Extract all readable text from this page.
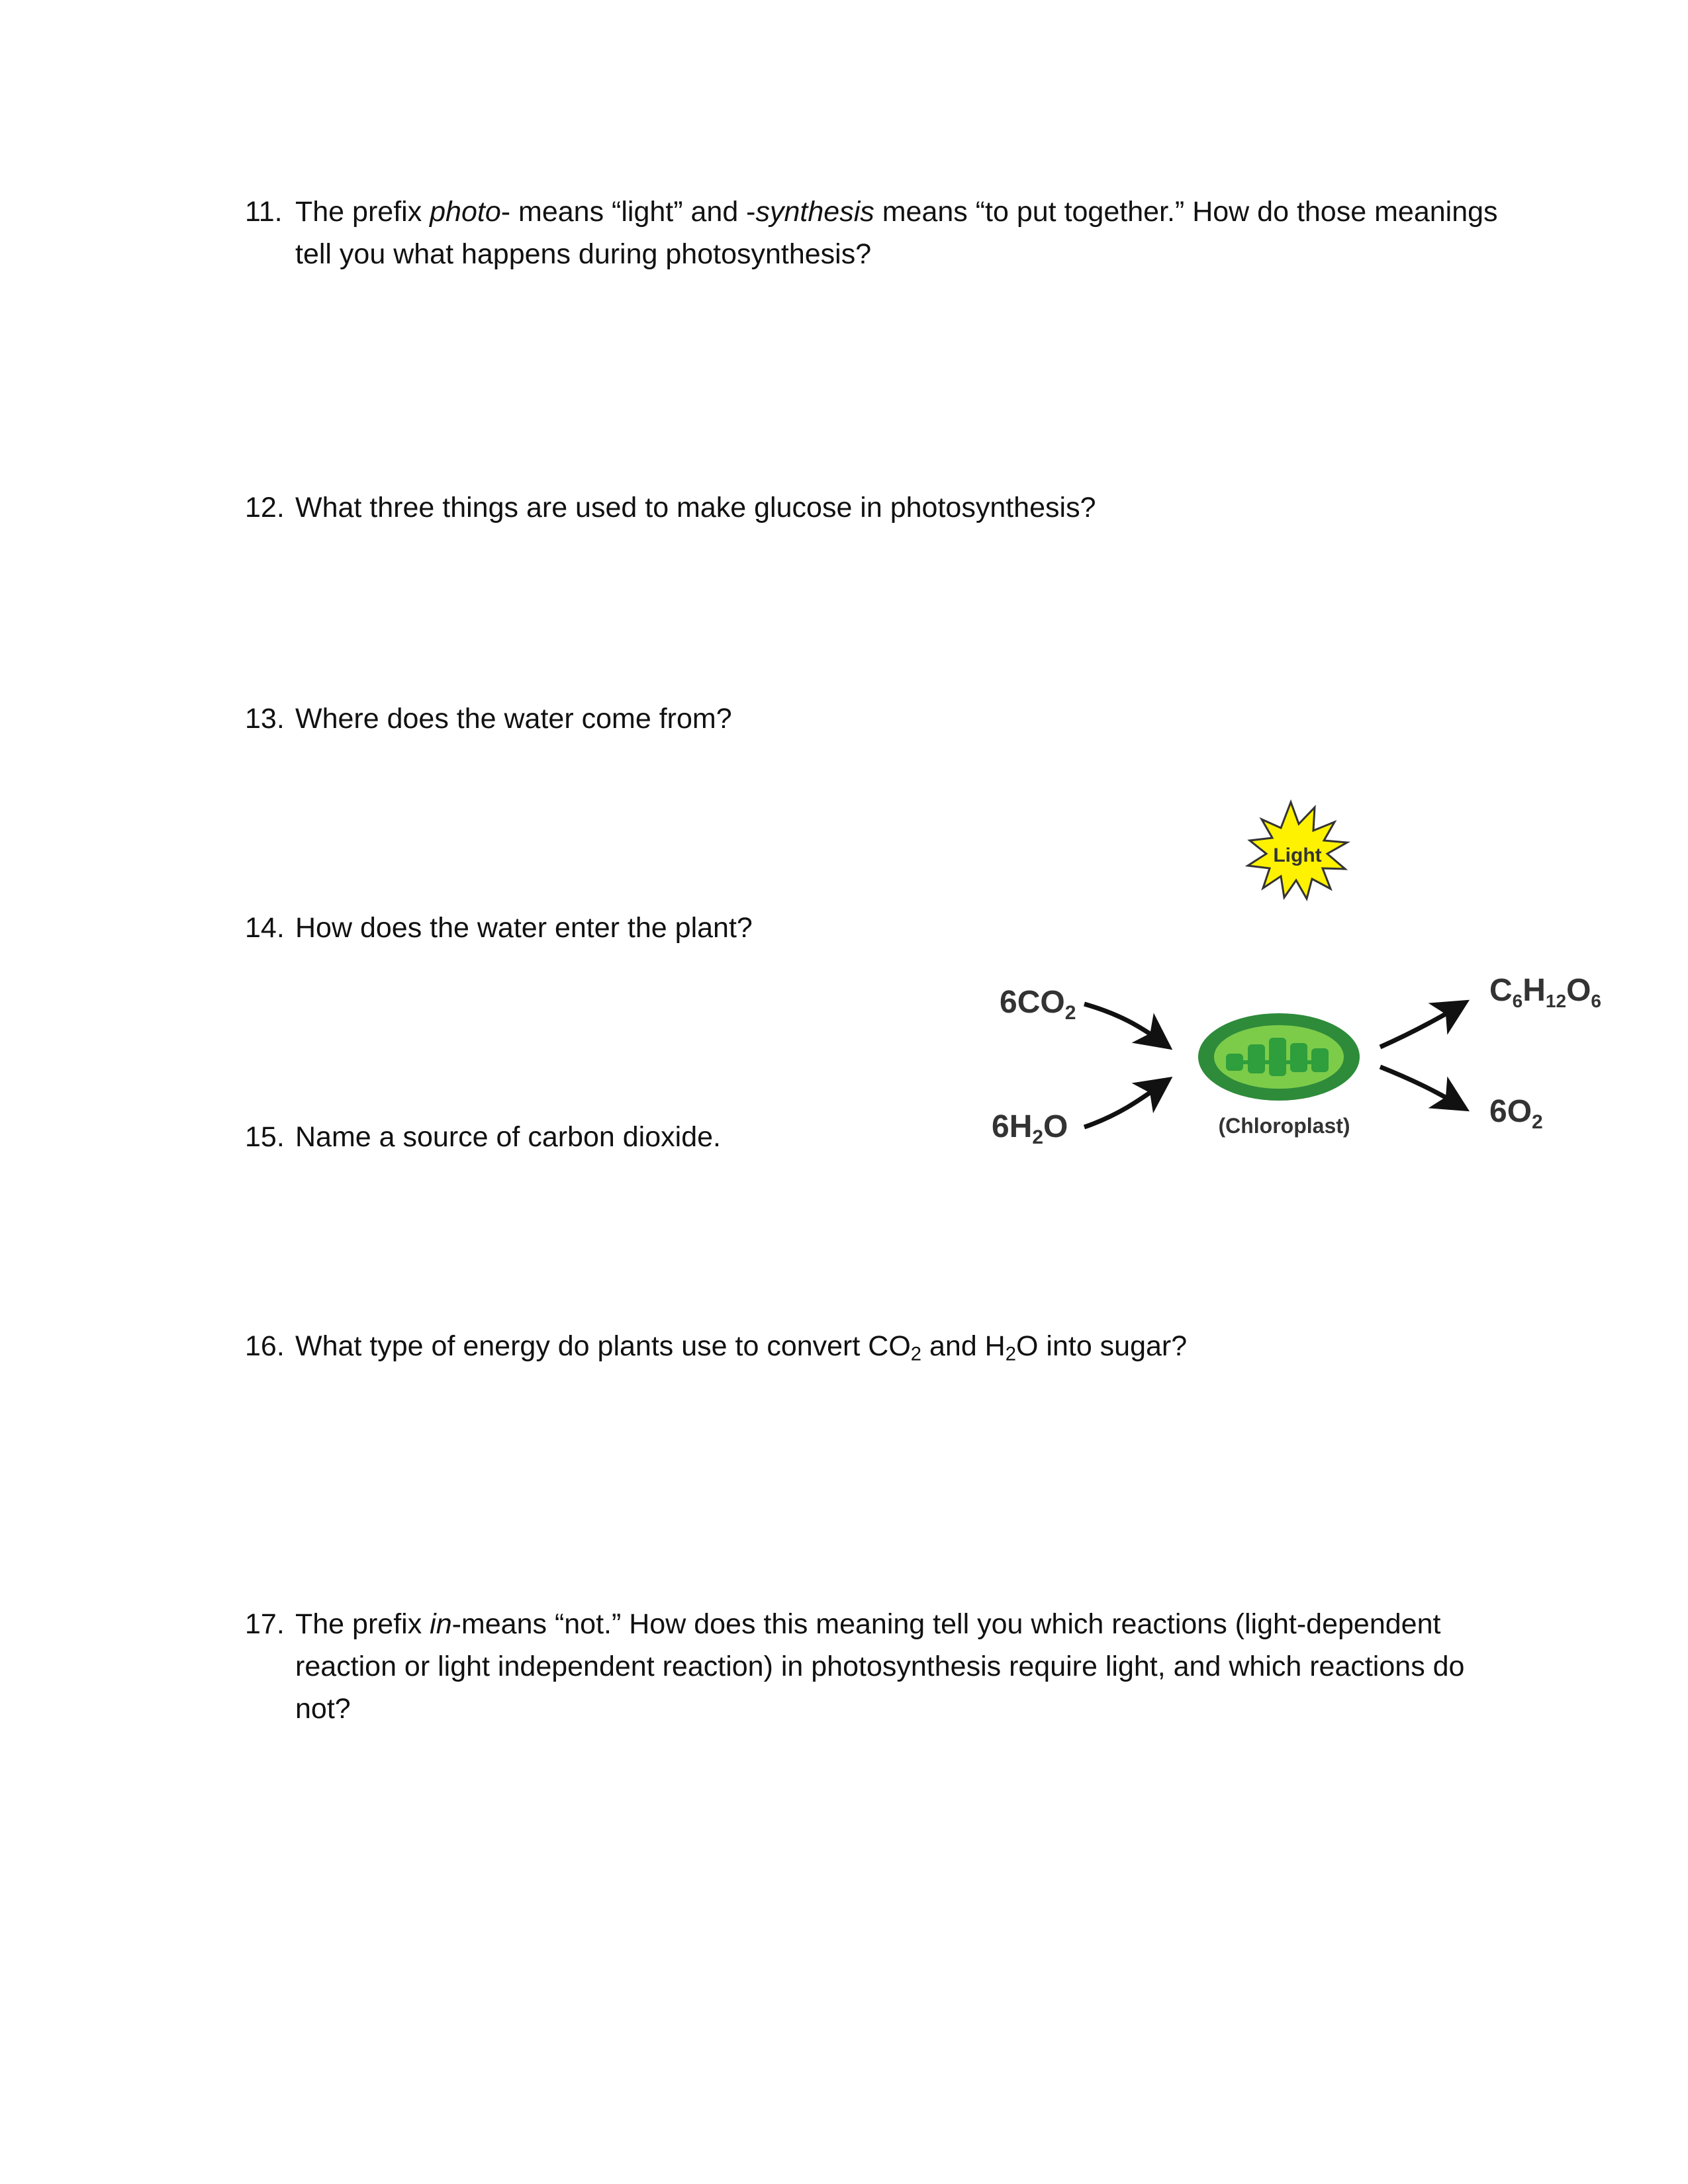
11. The prefix photo- means “light” and -synthesis means “to put together.” How do those meanings tell you what happens during photosynthesis?
12. What three things are used to make glucose in photosynthesis?
13. Where does the water come from?
14. How does the water enter the plant?
15. Name a source of carbon dioxide.
16. What type of energy do plants use to convert $CO_2$ and $H_2O$ into sugar?
17. The prefix in-means “not.” How does this meaning tell you which reactions (light-dependent reaction or light independent reaction) in photosynthesis require light, and which reactions do not?
Light
$6CO_2$
$6H_2O$	(Chloroplast)
$C_6H_{12}O_6$
$6O_2$
